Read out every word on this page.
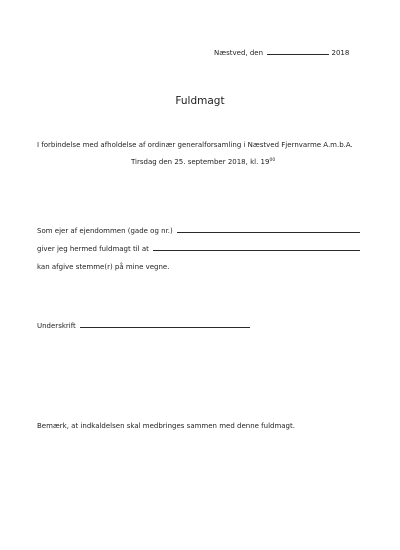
Næstved, den	2018
Fuldmagt
I forbindelse med afholdelse af ordinær generalforsamling i Næstved Fjernvarme A.m.b.A.
Tirsdag den 25. september 2018, kl. $19^{00}$
Som ejer af ejendommen (gade og nr.)
giver jeg hermed fuldmagt til at
kan afgive stemme(r) på mine vegne.
Underskrift
Bemærk, at indkaldelsen skal medbringes sammen med denne fuldmagt.
